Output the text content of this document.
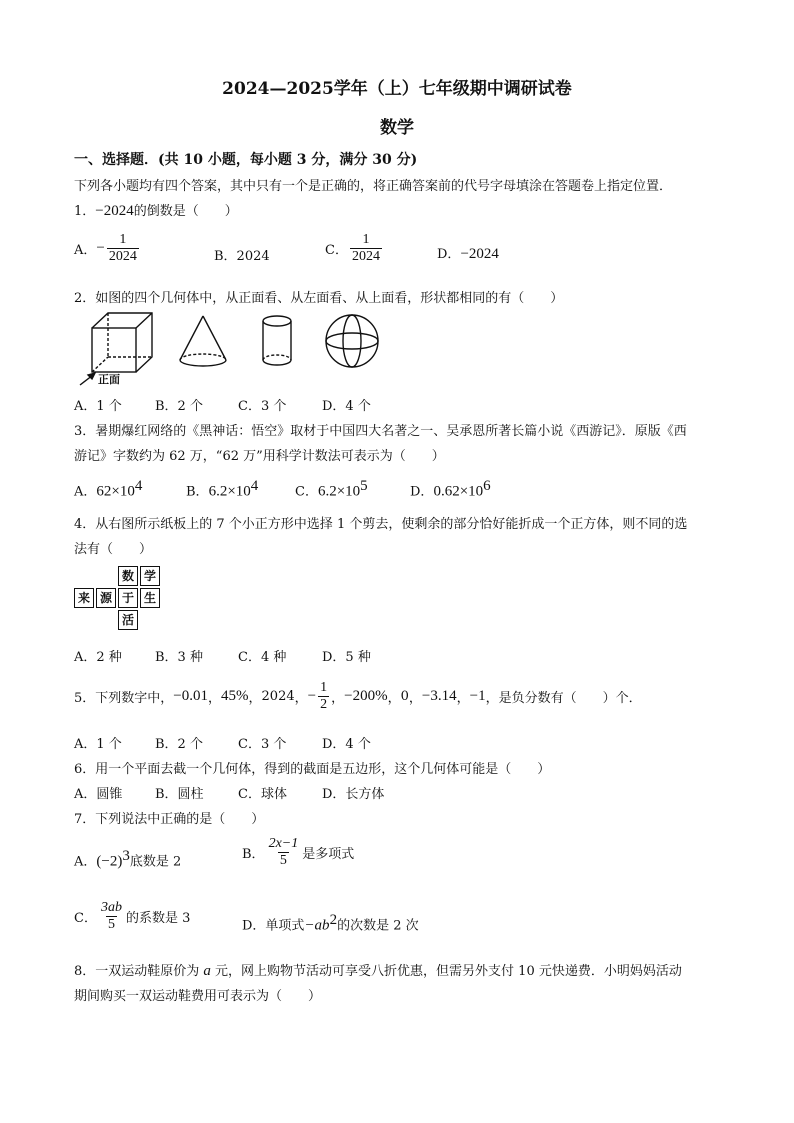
2024—2025学年（上）七年级期中调研试卷
数学
一、选择题．(共 10 小题，每小题 3 分，满分 30 分)
下列各小题均有四个答案，其中只有一个是正确的，将正确答案前的代号字母填涂在答题卷上指定位置．
1．−2024的倒数是（　　）
A．− $\frac{1}{2024}$	B．2024	C． $\frac{1}{2024}$	D．−2024
2．如图的四个几何体中，从正面看、从左面看、从上面看，形状都相同的有（　　）
正面
A．1 个	B．2 个	C．3 个	D．4 个
3．暑期爆红网络的《黑神话：悟空》取材于中国四大名著之一、吴承恩所著长篇小说《西游记》．原版《西
游记》字数约为 62 万，“62 万”用科学计数法可表示为（　　）
A．$62\times 10^4$	B．$6.2\times 10^4$	C．$6.2\times 10^5$	D．$0.62\times 10^6$
4．从右图所示纸板上的 7 个小正方形中选择 1 个剪去，使剩余的部分恰好能折成一个正方体，则不同的选
法有（　　）
数 学
来 源 于 生
活
A．2 种	B．3 种	C．4 种	D．5 种
5．下列数字中，−0.01，45%，2024，− $\frac{1}{2}$ ，−200%，0，−3.14，−1，是负分数有（　　）个．
A．1 个	B．2 个	C．3 个	D．4 个
6．用一个平面去截一个几何体，得到的截面是五边形，这个几何体可能是（　　）
A．圆锥	B．圆柱	C．球体	D．长方体
7．下列说法中正确的是（　　）
A．$(-2)^3$底数是 2	B． $\frac{2x-1}{5}$ 是多项式
C． $\frac{3ab}{5}$ 的系数是 3	D．单项式$-ab^2$的次数是 2 次
8．一双运动鞋原价为 a 元，网上购物节活动可享受八折优惠，但需另外支付 10 元快递费．小明妈妈活动
期间购买一双运动鞋费用可表示为（　　）
